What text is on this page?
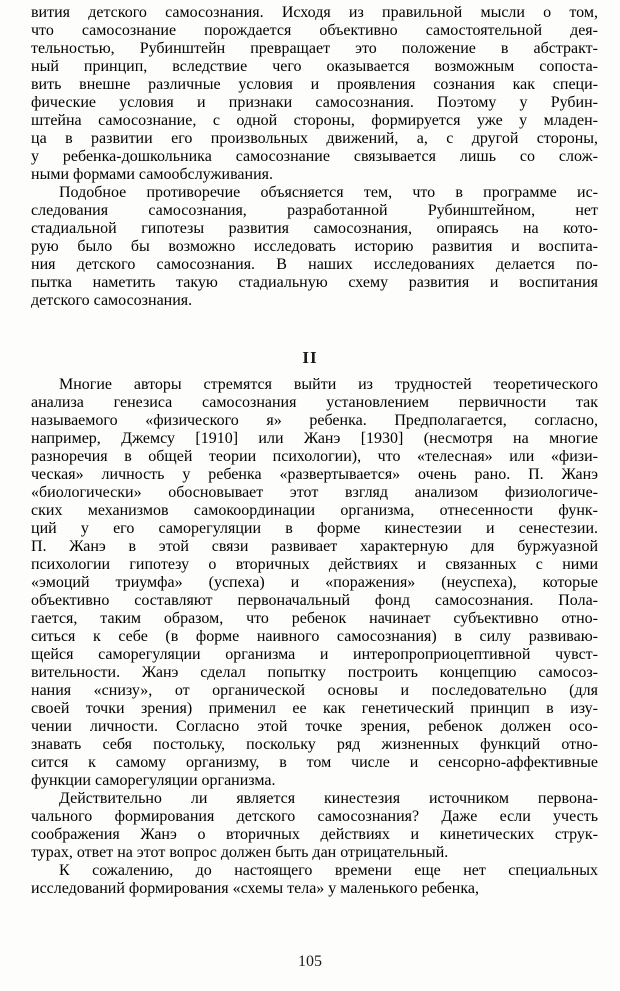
вития детского самосознания. Исходя из правильной мысли о том,
что самосознание порождается объективно самостоятельной дея-
тельностью, Рубинштейн превращает это положение в абстракт-
ный принцип, вследствие чего оказывается возможным сопоста-
вить внешне различные условия и проявления сознания как специ-
фические условия и признаки самосознания. Поэтому у Рубин-
штейна самосознание, с одной стороны, формируется уже у младен-
ца в развитии его произвольных движений, а, с другой стороны,
у ребенка-дошкольника самосознание связывается лишь со слож-
ными формами самообслуживания.
Подобное противоречие объясняется тем, что в программе ис-
следования самосознания, разработанной Рубинштейном, нет
стадиальной гипотезы развития самосознания, опираясь на кото-
рую было бы возможно исследовать историю развития и воспита-
ния детского самосознания. В наших исследованиях делается по-
пытка наметить такую стадиальную схему развития и воспитания
детского самосознания.
II
Многие авторы стремятся выйти из трудностей теоретического
анализа генезиса самосознания установлением первичности так
называемого «физического я» ребенка. Предполагается, согласно,
например, Джемсу [1910] или Жанэ [1930] (несмотря на многие
разноречия в общей теории психологии), что «телесная» или «физи-
ческая» личность у ребенка «развертывается» очень рано. П. Жанэ
«биологически» обосновывает этот взгляд анализом физиологиче-
ских механизмов самокоординации организма, отнесенности функ-
ций у его саморегуляции в форме кинестезии и сенестезии.
П. Жанэ в этой связи развивает характерную для буржуазной
психологии гипотезу о вторичных действиях и связанных с ними
«эмоций триумфа» (успеха) и «поражения» (неуспеха), которые
объективно составляют первоначальный фонд самосознания. Пола-
гается, таким образом, что ребенок начинает субъективно отно-
ситься к себе (в форме наивного самосознания) в силу развиваю-
щейся саморегуляции организма и интеропроприоцептивной чувст-
вительности. Жанэ сделал попытку построить концепцию самосоз-
нания «снизу», от органической основы и последовательно (для
своей точки зрения) применил ее как генетический принцип в изу-
чении личности. Согласно этой точке зрения, ребенок должен осо-
знавать себя постольку, поскольку ряд жизненных функций отно-
сится к самому организму, в том числе и сенсорно-аффективные
функции саморегуляции организма.
Действительно ли является кинестезия источником первона-
чального формирования детского самосознания? Даже если учесть
соображения Жанэ о вторичных действиях и кинетических струк-
турах, ответ на этот вопрос должен быть дан отрицательный.
К сожалению, до настоящего времени еще нет специальных
исследований формирования «схемы тела» у маленького ребенка,
105
